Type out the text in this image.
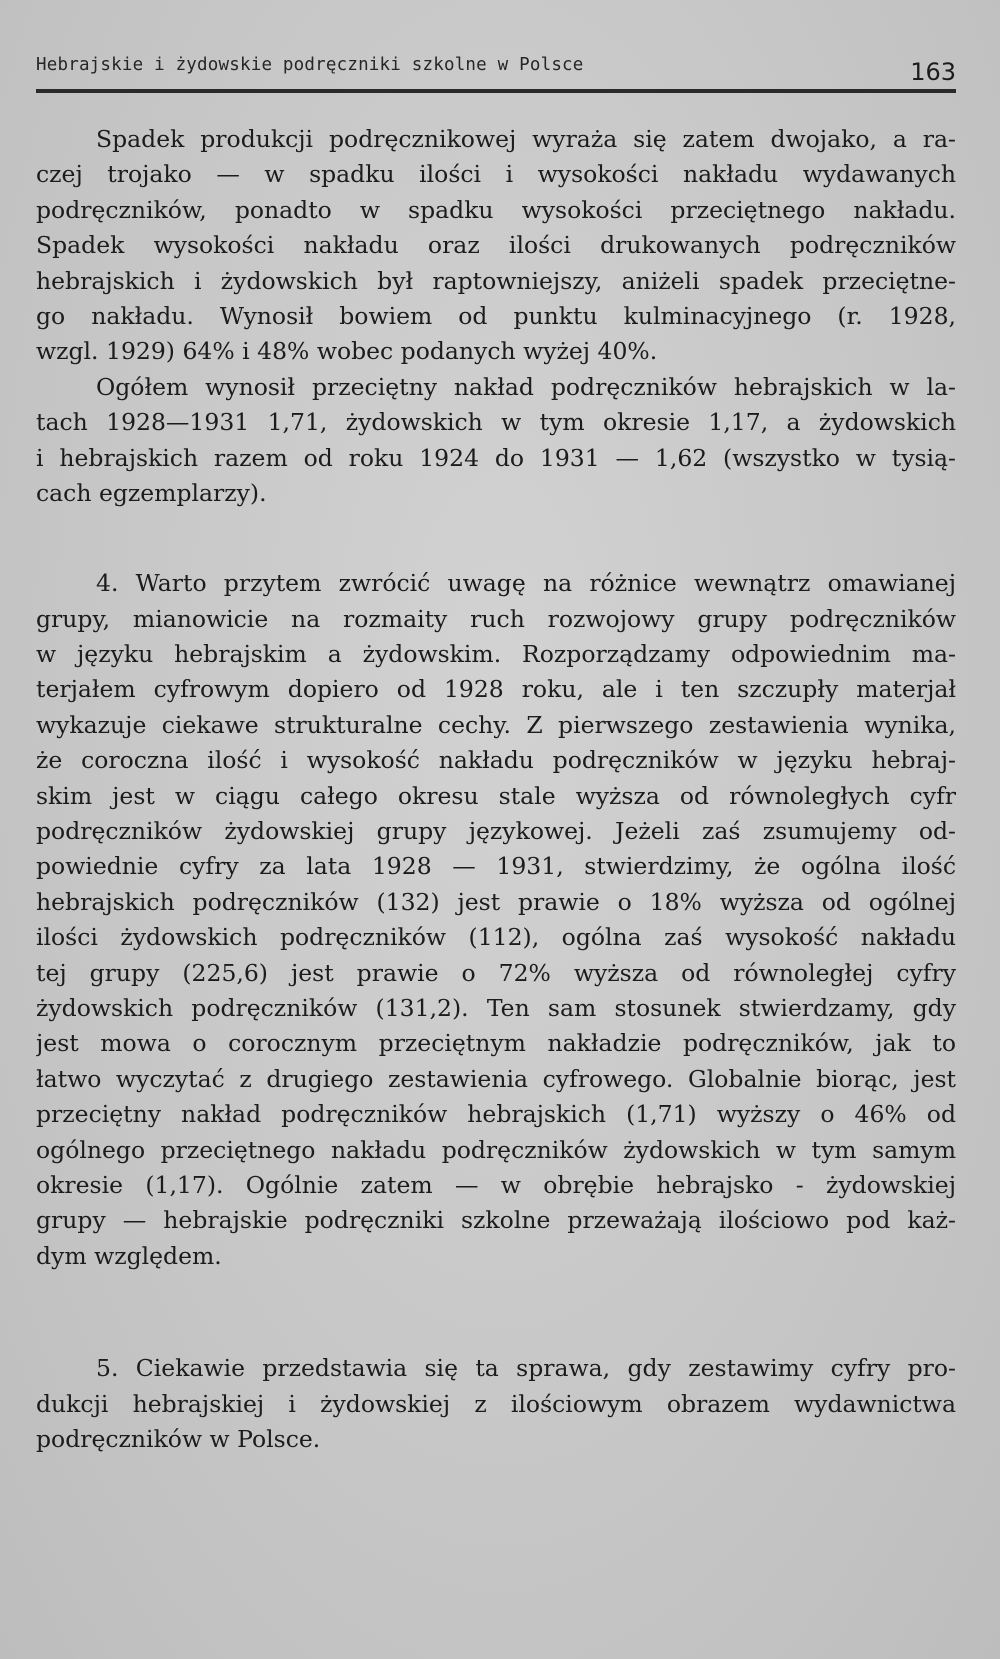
Hebrajskie i żydowskie podręczniki szkolne w Polsce	163
Spadek produkcji podręcznikowej wyraża się zatem dwojako, a ra-
czej trojako — w spadku ilości i wysokości nakładu wydawanych
podręczników, ponadto w spadku wysokości przeciętnego nakładu.
Spadek wysokości nakładu oraz ilości drukowanych podręczników
hebrajskich i żydowskich był raptowniejszy, aniżeli spadek przeciętne-
go nakładu. Wynosił bowiem od punktu kulminacyjnego (r. 1928,
wzgl. 1929) 64% i 48% wobec podanych wyżej 40%.
Ogółem wynosił przeciętny nakład podręczników hebrajskich w la-
tach 1928—1931 1,71, żydowskich w tym okresie 1,17, a żydowskich
i hebrajskich razem od roku 1924 do 1931 — 1,62 (wszystko w tysią-
cach egzemplarzy).
4. Warto przytem zwrócić uwagę na różnice wewnątrz omawianej
grupy, mianowicie na rozmaity ruch rozwojowy grupy podręczników
w języku hebrajskim a żydowskim. Rozporządzamy odpowiednim ma-
terjałem cyfrowym dopiero od 1928 roku, ale i ten szczupły materjał
wykazuje ciekawe strukturalne cechy. Z pierwszego zestawienia wynika,
że coroczna ilość i wysokość nakładu podręczników w języku hebraj-
skim jest w ciągu całego okresu stale wyższa od równoległych cyfr
podręczników żydowskiej grupy językowej. Jeżeli zaś zsumujemy od-
powiednie cyfry za lata 1928 — 1931, stwierdzimy, że ogólna ilość
hebrajskich podręczników (132) jest prawie o 18% wyższa od ogólnej
ilości żydowskich podręczników (112), ogólna zaś wysokość nakładu
tej grupy (225,6) jest prawie o 72% wyższa od równoległej cyfry
żydowskich podręczników (131,2). Ten sam stosunek stwierdzamy, gdy
jest mowa o corocznym przeciętnym nakładzie podręczników, jak to
łatwo wyczytać z drugiego zestawienia cyfrowego. Globalnie biorąc, jest
przeciętny nakład podręczników hebrajskich (1,71) wyższy o 46% od
ogólnego przeciętnego nakładu podręczników żydowskich w tym samym
okresie (1,17). Ogólnie zatem — w obrębie hebrajsko - żydowskiej
grupy — hebrajskie podręczniki szkolne przeważają ilościowo pod każ-
dym względem.
5. Ciekawie przedstawia się ta sprawa, gdy zestawimy cyfry pro-
dukcji hebrajskiej i żydowskiej z ilościowym obrazem wydawnictwa
podręczników w Polsce.
